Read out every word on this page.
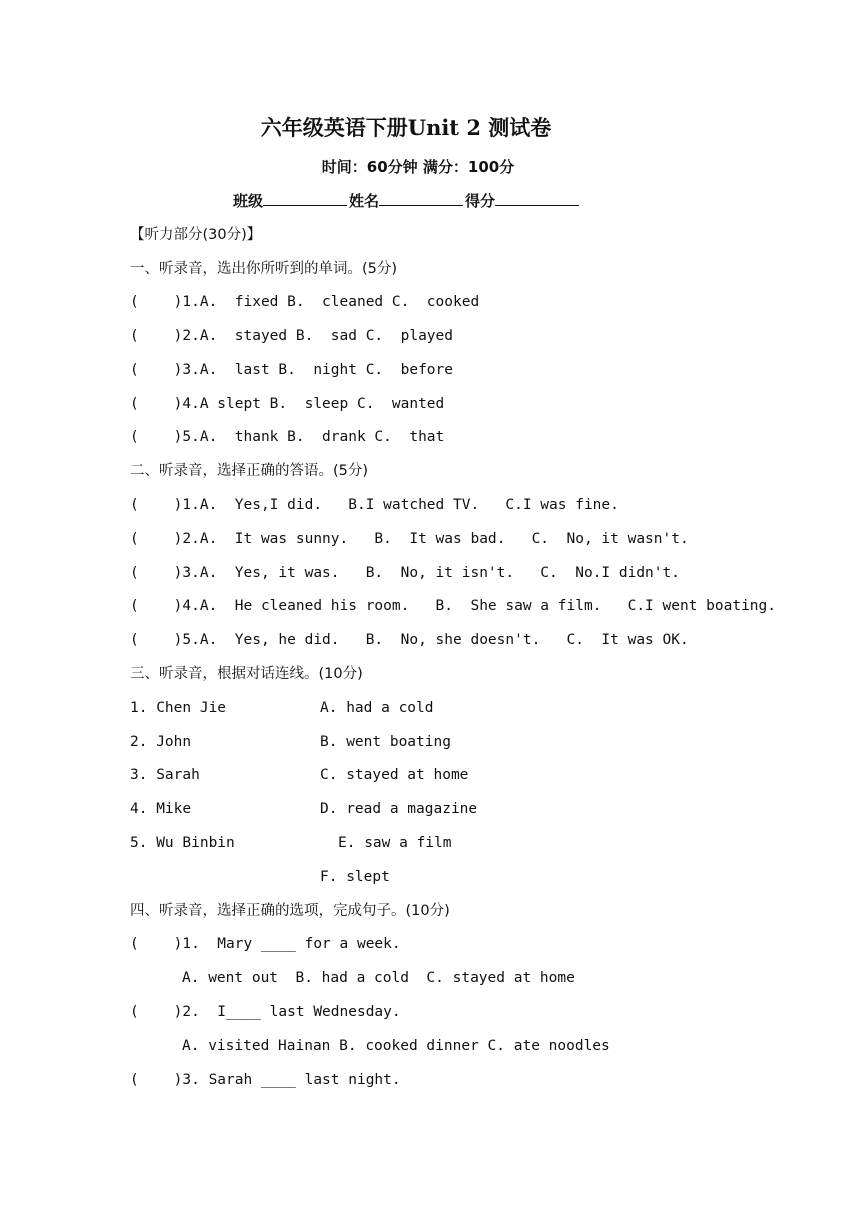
六年级英语下册Unit 2 测试卷
时间：60分钟 满分：100分
班级	姓名	得分
【听力部分(30分)】
一、听录音，选出你所听到的单词。(5分)
(    )1.A.  fixed B.  cleaned C.  cooked
(    )2.A.  stayed B.  sad C.  played
(    )3.A.  last B.  night C.  before
(    )4.A slept B.  sleep C.  wanted
(    )5.A.  thank B.  drank C.  that
二、听录音，选择正确的答语。(5分)
(    )1.A.  Yes,I did.   B.I watched TV.   C.I was fine.
(    )2.A.  It was sunny.   B.  It was bad.   C.  No, it wasn't.
(    )3.A.  Yes, it was.   B.  No, it isn't.   C.  No.I didn't.
(    )4.A.  He cleaned his room.   B.  She saw a film.   C.I went boating.
(    )5.A.  Yes, he did.   B.  No, she doesn't.   C.  It was OK.
三、听录音，根据对话连线。(10分)
1. Chen Jie
2. John
3. Sarah
4. Mike
5. Wu Binbin
A. had a cold
B. went boating
C. stayed at home
D. read a magazine
E. saw a film
F. slept
四、听录音，选择正确的选项，完成句子。(10分)
(    )1.  Mary ____ for a week.
A. went out  B. had a cold  C. stayed at home
(    )2.  I____ last Wednesday.
A. visited Hainan B. cooked dinner C. ate noodles
(    )3. Sarah ____ last night.
